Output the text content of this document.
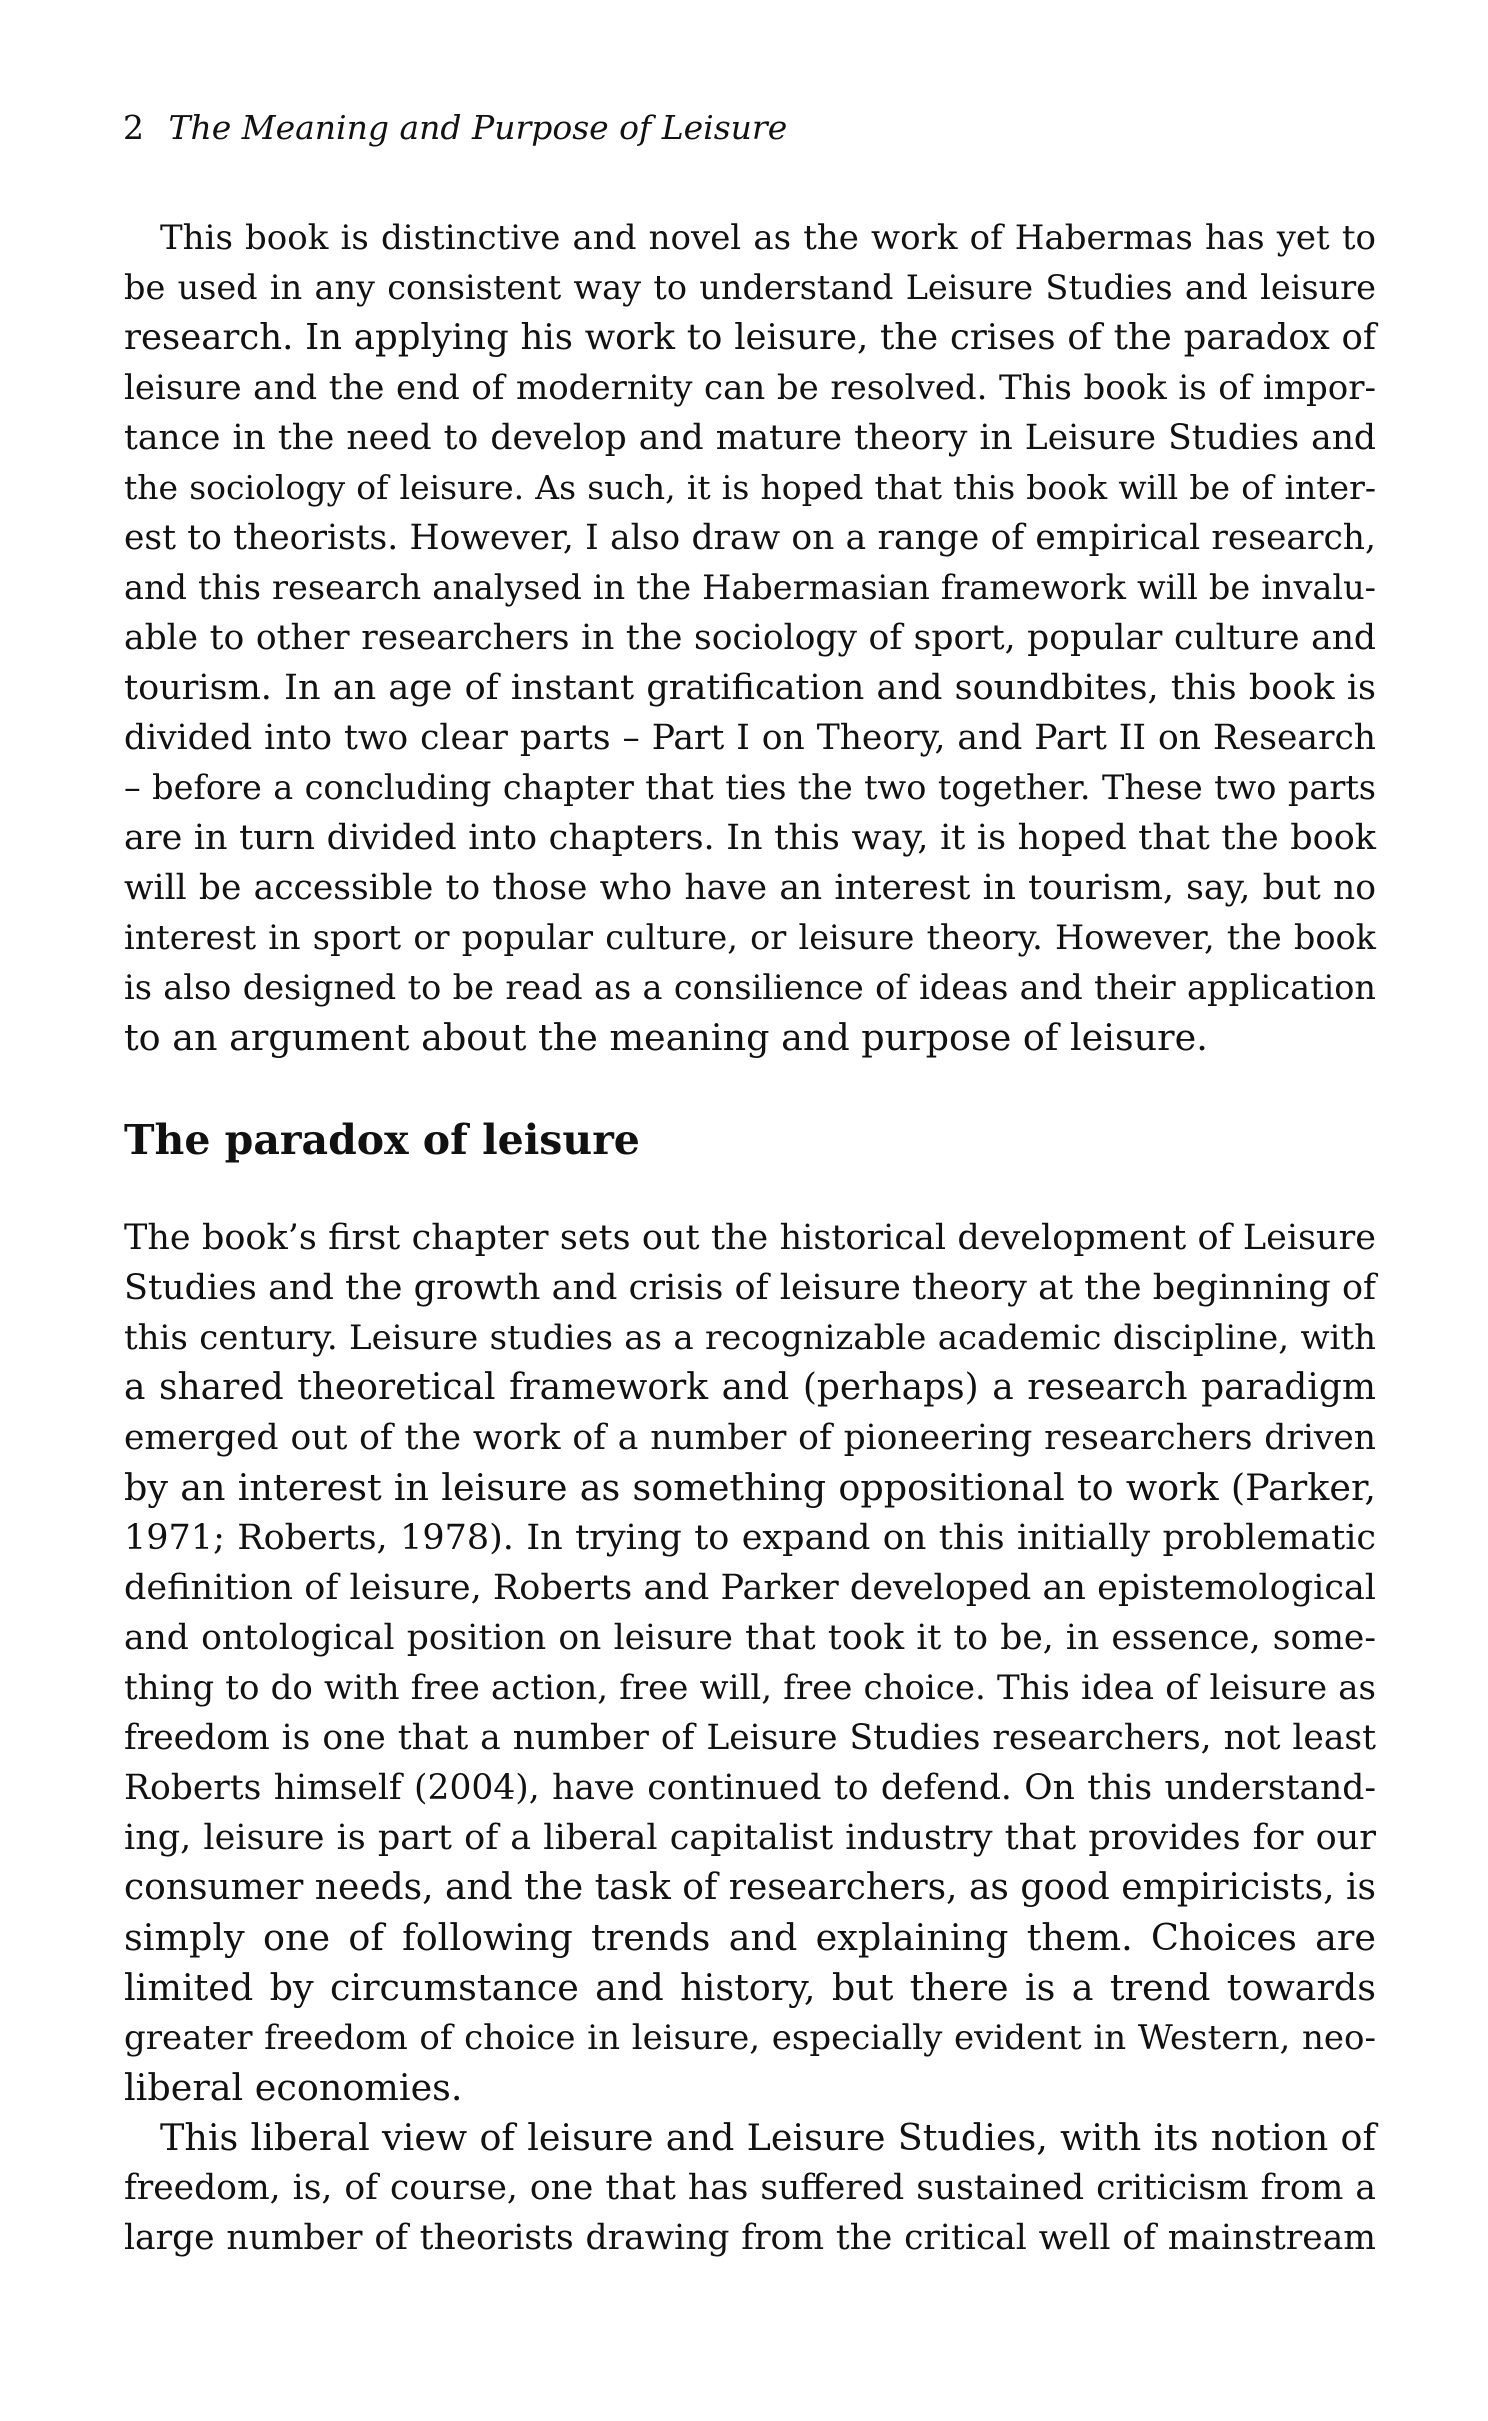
2 The Meaning and Purpose of Leisure
This book is distinctive and novel as the work of Habermas has yet to
be used in any consistent way to understand Leisure Studies and leisure
research. In applying his work to leisure, the crises of the paradox of
leisure and the end of modernity can be resolved. This book is of impor-
tance in the need to develop and mature theory in Leisure Studies and
the sociology of leisure. As such, it is hoped that this book will be of inter-
est to theorists. However, I also draw on a range of empirical research,
and this research analysed in the Habermasian framework will be invalu-
able to other researchers in the sociology of sport, popular culture and
tourism. In an age of instant gratification and soundbites, this book is
divided into two clear parts – Part I on Theory, and Part II on Research
– before a concluding chapter that ties the two together. These two parts
are in turn divided into chapters. In this way, it is hoped that the book
will be accessible to those who have an interest in tourism, say, but no
interest in sport or popular culture, or leisure theory. However, the book
is also designed to be read as a consilience of ideas and their application
to an argument about the meaning and purpose of leisure.
The paradox of leisure
The book’s first chapter sets out the historical development of Leisure
Studies and the growth and crisis of leisure theory at the beginning of
this century. Leisure studies as a recognizable academic discipline, with
a shared theoretical framework and (perhaps) a research paradigm
emerged out of the work of a number of pioneering researchers driven
by an interest in leisure as something oppositional to work (Parker,
1971; Roberts, 1978). In trying to expand on this initially problematic
definition of leisure, Roberts and Parker developed an epistemological
and ontological position on leisure that took it to be, in essence, some-
thing to do with free action, free will, free choice. This idea of leisure as
freedom is one that a number of Leisure Studies researchers, not least
Roberts himself (2004), have continued to defend. On this understand-
ing, leisure is part of a liberal capitalist industry that provides for our
consumer needs, and the task of researchers, as good empiricists, is
simply one of following trends and explaining them. Choices are
limited by circumstance and history, but there is a trend towards
greater freedom of choice in leisure, especially evident in Western, neo-
liberal economies.
This liberal view of leisure and Leisure Studies, with its notion of
freedom, is, of course, one that has suffered sustained criticism from a
large number of theorists drawing from the critical well of mainstream
